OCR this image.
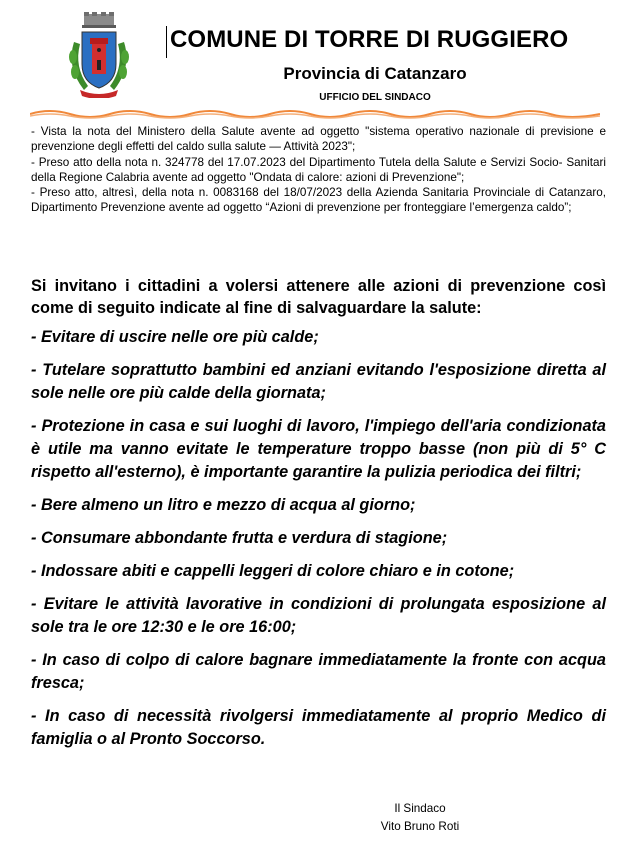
COMUNE DI TORRE DI RUGGIERO
Provincia di Catanzaro
UFFICIO DEL SINDACO

- Vista la nota del Ministero della Salute avente ad oggetto "sistema operativo nazionale di previsione e prevenzione degli effetti del caldo sulla salute — Attività 2023";

- Preso atto della nota n. 324778 del 17.07.2023 del Dipartimento Tutela della Salute e Servizi Socio- Sanitari della Regione Calabria avente ad oggetto "Ondata di calore: azioni di Prevenzione";

- Preso atto, altresì, della nota n. 0083168 del 18/07/2023 della Azienda Sanitaria Provinciale di Catanzaro, Dipartimento Prevenzione avente ad oggetto “Azioni di prevenzione per fronteggiare l’emergenza caldo”;

Si invitano i cittadini a volersi attenere alle azioni di prevenzione così come di seguito indicate al fine di salvaguardare la salute:

- Evitare di uscire nelle ore più calde;

- Tutelare soprattutto bambini ed anziani evitando l'esposizione diretta al sole nelle ore più calde della giornata;

- Protezione in casa e sui luoghi di lavoro, l'impiego dell'aria condizionata è utile ma vanno evitate le temperature troppo basse (non più di 5° C rispetto all'esterno), è importante garantire la pulizia periodica dei filtri;

- Bere almeno un litro e mezzo di acqua al giorno;

- Consumare abbondante frutta e verdura di stagione;

- Indossare abiti e cappelli leggeri di colore chiaro e in cotone;

- Evitare le attività lavorative in condizioni di prolungata esposizione al sole tra le ore 12:30 e le ore 16:00;

- In caso di colpo di calore bagnare immediatamente la fronte con acqua fresca;

- In caso di necessità rivolgersi immediatamente al proprio Medico di famiglia o al Pronto Soccorso.

Il Sindaco
Vito Bruno Roti
